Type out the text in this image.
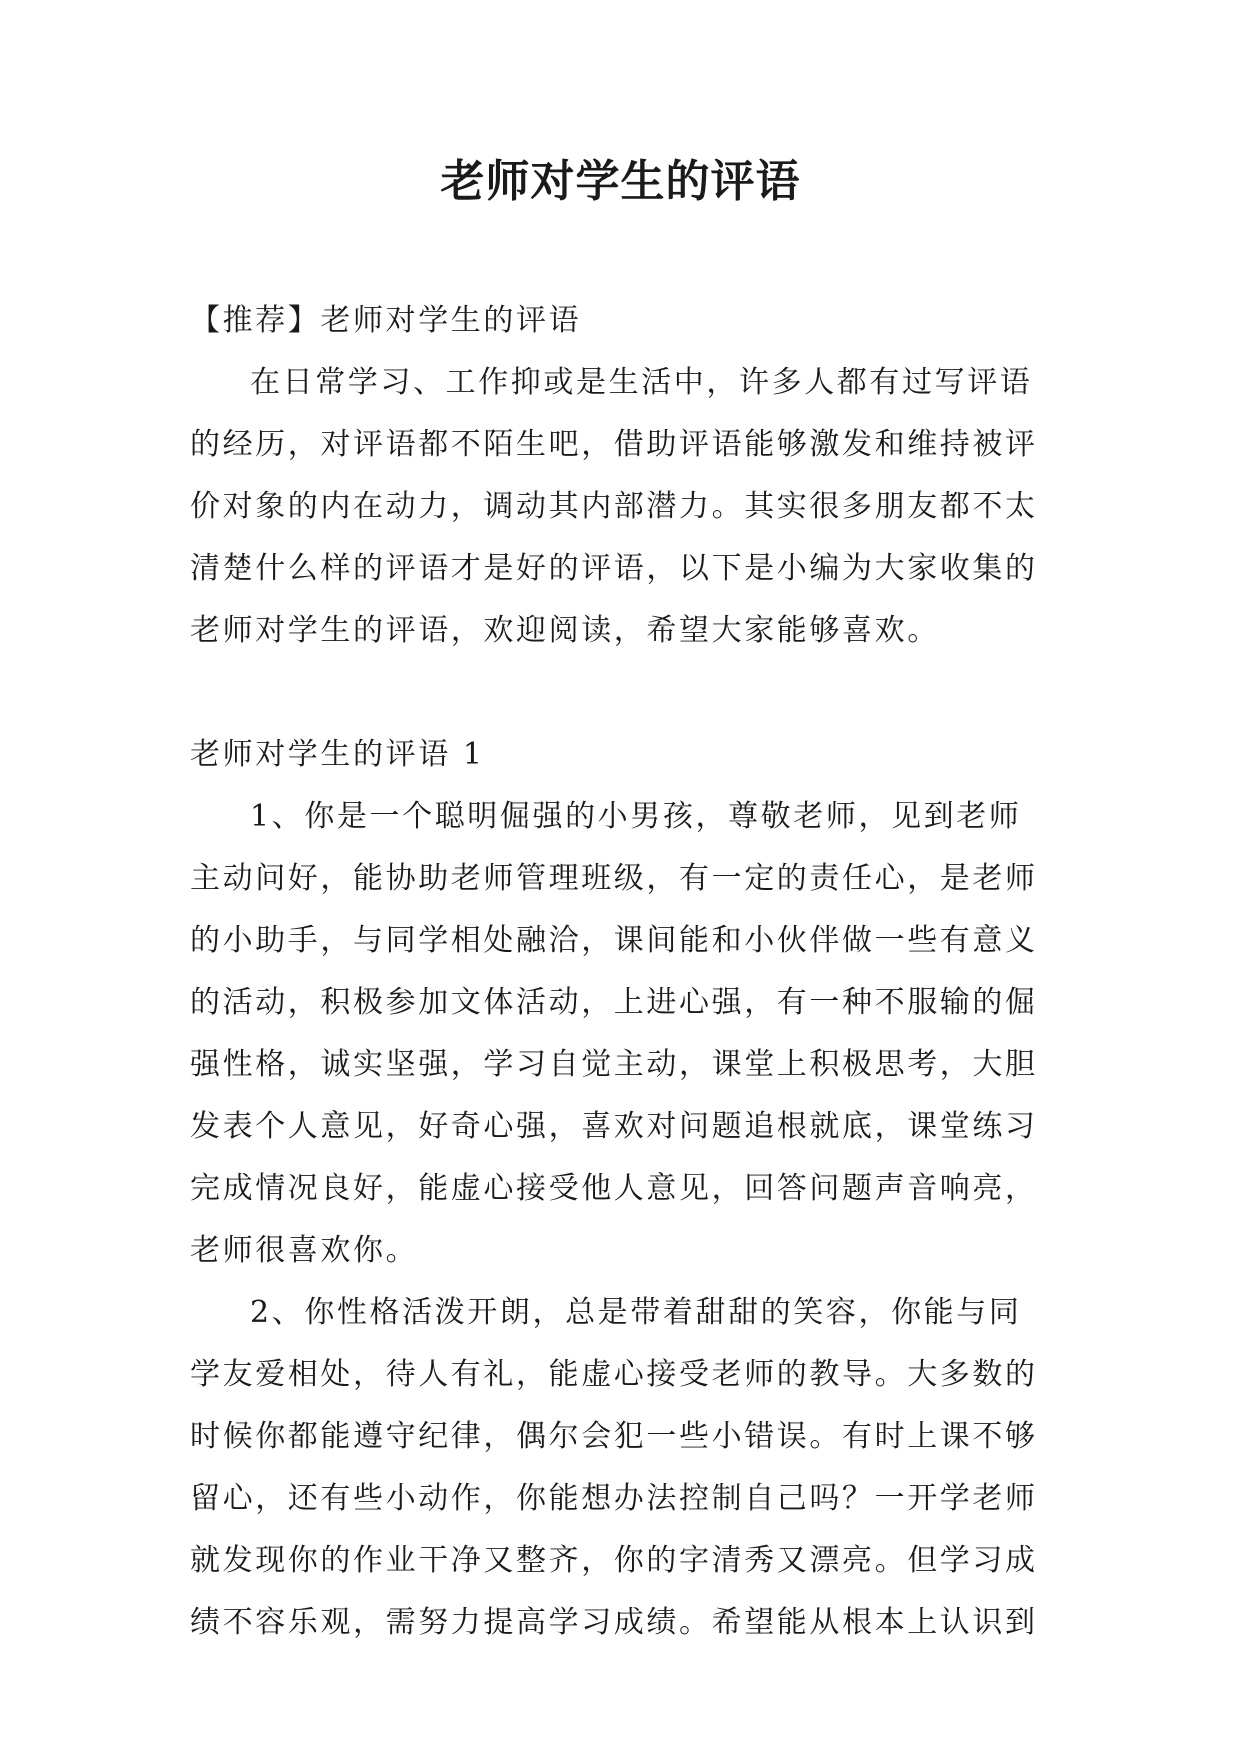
老师对学生的评语

【推荐】老师对学生的评语

在日常学习、工作抑或是生活中，许多人都有过写评语的经历，对评语都不陌生吧，借助评语能够激发和维持被评价对象的内在动力，调动其内部潜力。其实很多朋友都不太清楚什么样的评语才是好的评语，以下是小编为大家收集的老师对学生的评语，欢迎阅读，希望大家能够喜欢。

老师对学生的评语 1

1、你是一个聪明倔强的小男孩，尊敬老师，见到老师主动问好，能协助老师管理班级，有一定的责任心，是老师的小助手，与同学相处融洽，课间能和小伙伴做一些有意义的活动，积极参加文体活动，上进心强，有一种不服输的倔强性格，诚实坚强，学习自觉主动，课堂上积极思考，大胆发表个人意见，好奇心强，喜欢对问题追根就底，课堂练习完成情况良好，能虚心接受他人意见，回答问题声音响亮，老师很喜欢你。

2、你性格活泼开朗，总是带着甜甜的笑容，你能与同学友爱相处，待人有礼，能虚心接受老师的教导。大多数的时候你都能遵守纪律，偶尔会犯一些小错误。有时上课不够留心，还有些小动作，你能想办法控制自己吗？一开学老师就发现你的作业干净又整齐，你的字清秀又漂亮。但学习成绩不容乐观，需努力提高学习成绩。希望能从根本上认识到
